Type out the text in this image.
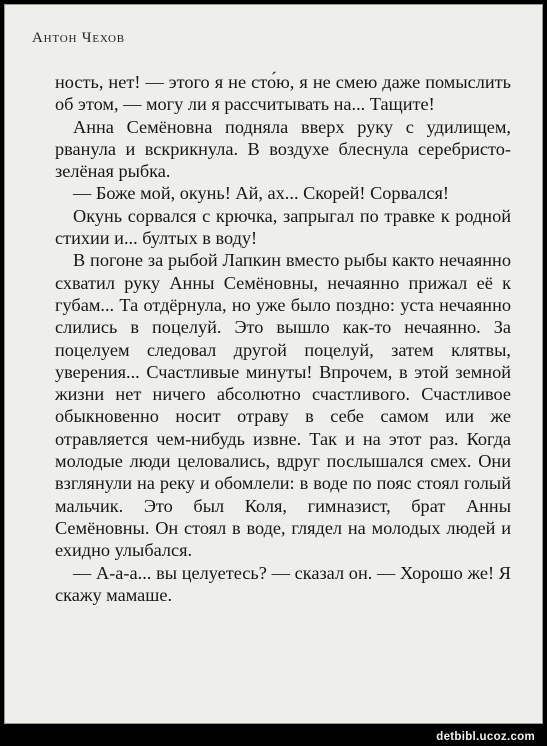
Антон Чехов

ность, нет! — этого я не сто́ю, я не смею даже помыслить об этом, — могу ли я рассчитывать на... Тащите!

Анна Семёновна подняла вверх руку с удилищем, рванула и вскрикнула. В воздухе блеснула серебристо-зелёная рыбка.

— Боже мой, окунь! Ай, ах... Скорей! Сорвался!

Окунь сорвался с крючка, запрыгал по травке к родной стихии и... бултых в воду!

В погоне за рыбой Лапкин вместо рыбы както нечаянно схватил руку Анны Семёновны, нечаянно прижал её к губам... Та отдёрнула, но уже было поздно: уста нечаянно слились в поцелуй. Это вышло как-то нечаянно. За поцелуем следовал другой поцелуй, затем клятвы, уверения... Счастливые минуты! Впрочем, в этой земной жизни нет ничего абсолютно счастливого. Счастливое обыкновенно носит отраву в себе самом или же отравляется чем-нибудь извне. Так и на этот раз. Когда молодые люди целовались, вдруг послышался смех. Они взглянули на реку и обомлели: в воде по пояс стоял голый мальчик. Это был Коля, гимназист, брат Анны Семёновны. Он стоял в воде, глядел на молодых людей и ехидно улыбался.

— А-а-а... вы целуетесь? — сказал он. — Хорошо же! Я скажу мамаше.

detbibl.ucoz.com
